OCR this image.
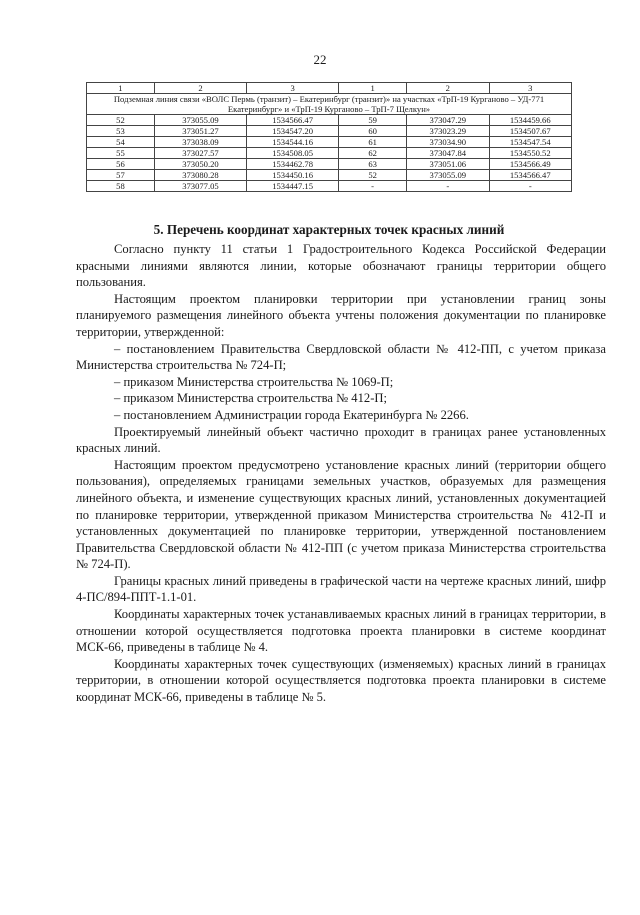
22
1	2	3	1	2	3
Подземная линия связи «ВОЛС Пермь (транзит) – Екатеринбург (транзит)» на участках «ТрП-19 Курганово – УД-771 Екатеринбург» и «ТрП-19 Курганово – ТрП-7 Щелкун»					
52	373055.09	1534566.47	59	373047.29	1534459.66
53	373051.27	1534547.20	60	373023.29	1534507.67
54	373038.09	1534544.16	61	373034.90	1534547.54
55	373027.57	1534508.05	62	373047.84	1534550.52
56	373050.20	1534462.78	63	373051.06	1534566.49
57	373080.28	1534450.16	52	373055.09	1534566.47
58	373077.05	1534447.15	-	-	-
5. Перечень координат характерных точек красных линий

Согласно пункту 11 статьи 1 Градостроительного Кодекса Российской Федерации красными линиями являются линии, которые обозначают границы территории общего пользования.

Настоящим проектом планировки территории при установлении границ зоны планируемого размещения линейного объекта учтены положения документации по планировке территории, утвержденной:

– постановлением Правительства Свердловской области № 412-ПП, с учетом приказа Министерства строительства № 724-П;

– приказом Министерства строительства № 1069-П;

– приказом Министерства строительства № 412-П;

– постановлением Администрации города Екатеринбурга № 2266.

Проектируемый линейный объект частично проходит в границах ранее установленных красных линий.

Настоящим проектом предусмотрено установление красных линий (территории общего пользования), определяемых границами земельных участков, образуемых для размещения линейного объекта, и изменение существующих красных линий, установленных документацией по планировке территории, утвержденной приказом Министерства строительства № 412-П и установленных документацией по планировке территории, утвержденной постановлением Правительства Свердловской области № 412-ПП (с учетом приказа Министерства строительства № 724-П).

Границы красных линий приведены в графической части на чертеже красных линий, шифр 4-ПС/894-ППТ-1.1-01.

Координаты характерных точек устанавливаемых красных линий в границах территории, в отношении которой осуществляется подготовка проекта планировки в системе координат МСК-66, приведены в таблице № 4.

Координаты характерных точек существующих (изменяемых) красных линий в границах территории, в отношении которой осуществляется подготовка проекта планировки в системе координат МСК-66, приведены в таблице № 5.
